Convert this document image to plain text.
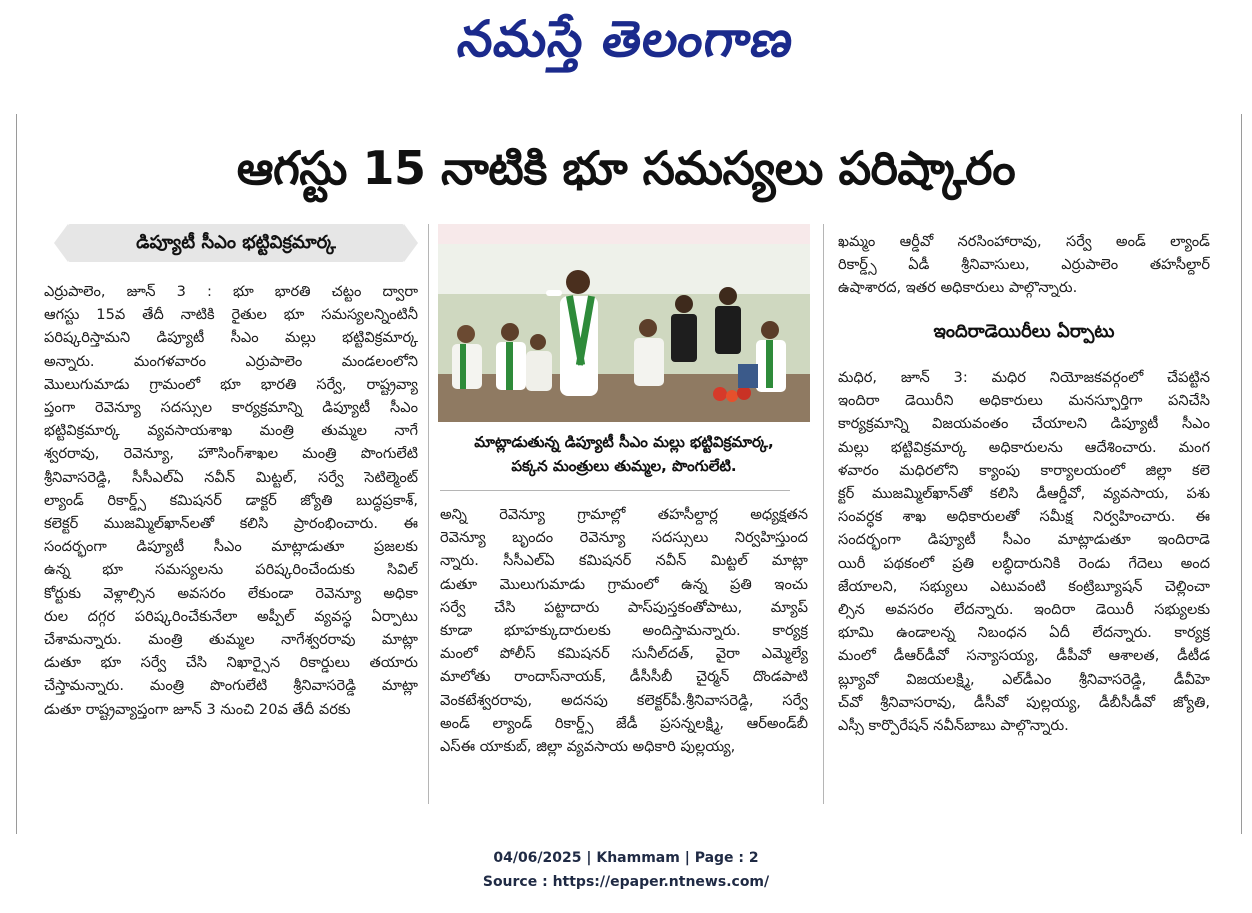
నమస్తే తెలంగాణ
ఆగస్టు 15 నాటికి భూ సమస్యలు పరిష్కారం
డిప్యూటీ సీఎం భట్టివిక్రమార్క
ఎర్రుపాలెం, జూన్ 3 : భూ భారతి చట్టం ద్వారా
ఆగస్టు 15వ తేదీ నాటికి రైతుల భూ సమస్యలన్నింటినీ
పరిష్కరిస్తామని డిప్యూటీ సీఎం మల్లు భట్టివిక్రమార్క
అన్నారు. మంగళవారం ఎర్రుపాలెం మండలంలోని
మొలుగుమాడు గ్రామంలో భూ భారతి సర్వే, రాష్ట్రవ్యా
ప్తంగా రెవెన్యూ సదస్సుల కార్యక్రమాన్ని డిప్యూటీ సీఎం
భట్టివిక్రమార్క వ్యవసాయశాఖ మంత్రి తుమ్మల నాగే
శ్వరరావు, రెవెన్యూ, హౌసింగ్‌శాఖల మంత్రి పొంగులేటి
శ్రీనివాసరెడ్డి, సీసీఎల్‌ఏ నవీన్ మిట్టల్, సర్వే సెటిల్మెంట్
ల్యాండ్ రికార్డ్స్ కమిషనర్ డాక్టర్ జ్యోతి బుద్ధప్రకాశ్,
కలెక్టర్ ముజమ్మిల్‌ఖాన్‌లతో కలిసి ప్రారంభించారు. ఈ
సందర్భంగా డిప్యూటీ సీఎం మాట్లాడుతూ ప్రజలకు
ఉన్న భూ సమస్యలను పరిష్కరించేందుకు సివిల్
కోర్టుకు వెళ్లాల్సిన అవసరం లేకుండా రెవెన్యూ అధికా
రుల దగ్గర పరిష్కరించేకునేలా అప్పీల్ వ్యవస్థ ఏర్పాటు
చేశామన్నారు. మంత్రి తుమ్మల నాగేశ్వరరావు మాట్లా
డుతూ భూ సర్వే చేసి నిఖార్సైన రికార్డులు తయారు
చేస్తామన్నారు. మంత్రి పొంగులేటి శ్రీనివాసరెడ్డి మాట్లా
డుతూ రాష్ట్రవ్యాప్తంగా జూన్ 3 నుంచి 20వ తేదీ వరకు
మాట్లాడుతున్న డిప్యూటీ సీఎం మల్లు భట్టివిక్రమార్క,
పక్కన మంత్రులు తుమ్మల, పొంగులేటి.
అన్ని రెవెన్యూ గ్రామాల్లో తహసీల్దార్ల అధ్యక్షతన
రెవెన్యూ బృందం రెవెన్యూ సదస్సులు నిర్వహిస్తుంద
న్నారు. సీసీఎల్‌ఏ కమిషనర్ నవీన్ మిట్టల్ మాట్లా
డుతూ మొలుగుమాడు గ్రామంలో ఉన్న ప్రతి ఇంచు
సర్వే చేసి పట్టాదారు పాస్‌పుస్తకంతోపాటు, మ్యాప్
కూడా భూహక్కుదారులకు అందిస్తామన్నారు. కార్యక్ర
మంలో పోలీస్ కమిషనర్ సునీల్‌దత్, వైరా ఎమ్మెల్యే
మాలోతు రాందాస్‌నాయక్, డీసీసీబీ చైర్మన్ దొండపాటి
వెంకటేశ్వరరావు, అదనపు కలెక్టర్‌పీ.శ్రీనివాసరెడ్డి, సర్వే
అండ్ ల్యాండ్ రికార్డ్స్ జేడీ ప్రసన్నలక్ష్మి, ఆర్‌అండ్‌బీ
ఎస్‌ఈ యాకుబ్, జిల్లా వ్యవసాయ అధికారి పుల్లయ్య,
ఖమ్మం ఆర్డీవో నరసింహారావు, సర్వే అండ్ ల్యాండ్
రికార్డ్స్ ఏడీ శ్రీనివాసులు, ఎర్రుపాలెం తహసీల్దార్
ఉషాశారద, ఇతర అధికారులు పాల్గొన్నారు.
ఇందిరాడెయిరీలు ఏర్పాటు
మధిర, జూన్ 3: మధిర నియోజకవర్గంలో చేపట్టిన
ఇందిరా డెయిరీని అధికారులు మనస్ఫూర్తిగా పనిచేసి
కార్యక్రమాన్ని విజయవంతం చేయాలని డిప్యూటీ సీఎం
మల్లు భట్టివిక్రమార్క అధికారులను ఆదేశించారు. మంగ
ళవారం మధిరలోని క్యాంపు కార్యాలయంలో జిల్లా కలె
క్టర్ ముజమ్మిల్‌ఖాన్‌తో కలిసి డీఆర్డీవో, వ్యవసాయ, పశు
సంవర్ధక శాఖ అధికారులతో సమీక్ష నిర్వహించారు. ఈ
సందర్భంగా డిప్యూటీ సీఎం మాట్లాడుతూ ఇందిరాడె
యిరీ పథకంలో ప్రతి లబ్ధిదారునికి రెండు గేదెలు అంద
జేయాలని, సభ్యులు ఎటువంటి కంట్రిబ్యూషన్ చెల్లించా
ల్సిన అవసరం లేదన్నారు. ఇందిరా డెయిరీ సభ్యులకు
భూమి ఉండాలన్న నిబంధన ఏదీ లేదన్నారు. కార్యక్ర
మంలో డీఆర్‌డీవో సన్యాసయ్య, డీపీవో ఆశాలత, డీటీడ
బ్ల్యూవో విజయలక్ష్మి, ఎల్‌డీఎం శ్రీనివాసరెడ్డి, డీవీహె
చ్‌వో శ్రీనివాసరావు, డీసీవో పుల్లయ్య, డీబీసీడీవో జ్యోతి,
ఎస్సీ కార్పొరేషన్ నవీన్‌బాబు పాల్గొన్నారు.
04/06/2025 | Khammam | Page : 2
Source : https://epaper.ntnews.com/
